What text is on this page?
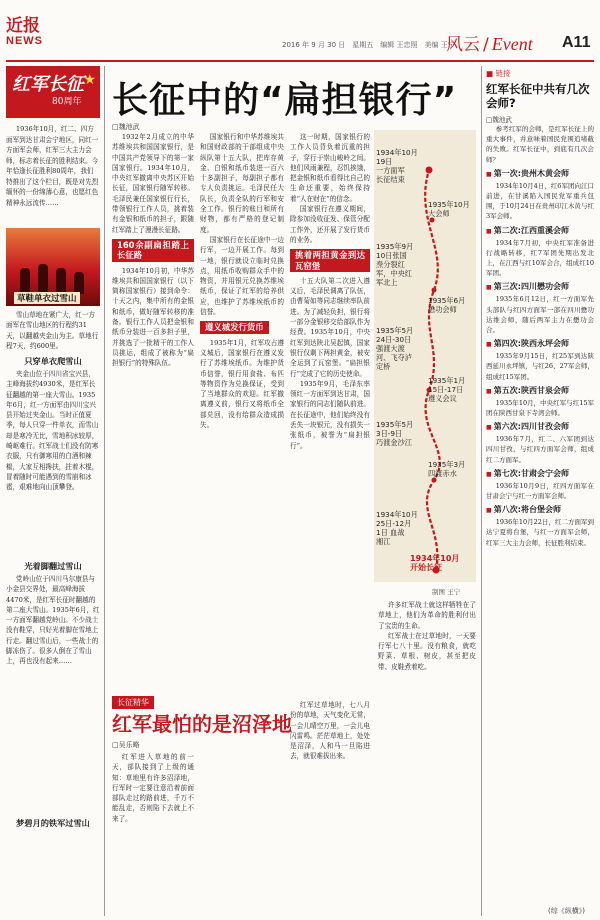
近报
NEWS	2016 年 9 月 30 日　星期五　编辑 王忠照　美编 王宁
风云 / Event A11
红军长征 ★
80周年
1936年10月，红二、四方面军到达甘肃会宁地区，同红一方面军会师，红军三大主力会师，标志着长征的胜利结束。今年恰逢长征胜利80周年，我们特推出了这个栏目，既是对先烈缅怀的一份绵薄心意，也愿红色精神永远流传……
草鞋单衣过雪山
雪山草地在紧广大，红一方面军在雪山地区的行程约31天，以翻越夹金山为主。草地行程7天，约600里。
只穿单衣爬雪山
夹金山位于四川省宝兴县，主峰海拔约4930米，是红军长征翻越的第一座大雪山。1935年6月，红一方面军由四川宝兴县开始过夹金山。当时正值夏季，每人只穿一件单衣，而雪山却是寒冷无比，雪地积冰较厚，崎岖难行。红军战士们没有防寒衣服，只有御寒用的白酒和辣椒，大家互相搀扶，拄着木棍，冒着随时可能遇到的雪崩和冰雹，艰难地向山顶攀登。
光着脚翻过雪山
党岭山位于四川马尔康县与小金县交界处，最高峰海拔4470米，是红军长征时翻越的第二座大雪山。1935年6月，红一方面军翻越党岭山。不少战士没有鞋穿，只好光着脚在雪地上行走。翻过雪山后，一些战士的脚冻伤了。很多人倒在了雪山上，再也没有起来……
梦碧月的铁军过雪山
长征中的“扁担银行”
□魏池武

1932年2月成立的中华苏维埃共和国国家银行，是中国共产党领导下的第一家国家银行。1934年10月，中央红军撤离中央苏区开始长征，国家银行随军转移。毛泽民兼任国家银行行长，带领银行工作人员，挑着装有金银和纸币的担子，跟随红军踏上了漫漫长征路。

160余副扁担踏上长征路

1934年10月初，中华苏维埃共和国国家银行（以下简称国家银行）接到命令：十天之内，集中所有的金银和纸币，做好随军转移的准备。银行工作人员把金银和纸币分装进一百多担子里，并挑选了一批精干的工作人员挑运，组成了被称为“扁担银行”的特殊队伍。

国家银行和中华苏维埃共和国财政部的干部组成中央纵队第十五大队，把库存黄金、白银和纸币装进一百六十多副担子，每副担子都有专人负责挑运。毛泽民任大队长，负责全队的行军和安全工作。银行的账目和所有财物，都有严格的登记制度。

国家银行在长征途中一边行军，一边开展工作。每到一地，银行就设立临时兑换点，用纸币收购群众手中的物资，并用银元兑换苏维埃纸币，保证了红军的给养供应，也维护了苏维埃纸币的信誉。

遵义城发行货币

1935年1月，红军攻占遵义城后，国家银行在遵义发行了苏维埃纸币。为维护货币信誉，银行用食盐、布匹等物资作为兑换保证，受到了当地群众的欢迎。红军撤离遵义前，银行又将纸币全部兑回，没有给群众造成损失。

这一时期，国家银行的工作人员背负着沉重的担子，穿行于崇山峻岭之间。他们风雨兼程，忍饥挨饿，把金银和纸币看得比自己的生命还重要，始终保持着“人在财在”的信念。

国家银行在遵义期间，除参加没收征发、保管分配工作外，还开展了发行货币的业务。

挑着两担黄金到达瓦窑堡

十五大队第二次进入遵义后，毛泽民调离了队伍，由曹菊如等同志继续率队前进。为了减轻负担，银行将一部分金银移交给部队作为经费。1935年10月，中央红军到达陕北吴起镇，国家银行仅剩下两担黄金，被安全运到了瓦窑堡。“扁担银行”完成了它的历史使命。

1935年9月，毛泽东率领红一方面军到达甘肃，国家银行的同志们随队前进。在长征途中，他们始终没有丢失一块银元，没有损失一张纸币，被誉为“扁担银行”。

1934年10月
19日
一方面军
长征结束
1935年10月
大会师
1935年9月
10日张国
焘分裂红
军，中央红
军北上
1935年6月
懋功会师
1935年5月
24日-30日
强渡大渡
河、飞夺泸
定桥
1935年1月
15日-17日
遵义会议
1935年5月
3日-9日
巧渡金沙江
1935年3月
四渡赤水
1934年10月
25日-12月
1日 血战
湘江
1934年10月
开始长征
制图 王宁
长征精华
红军最怕的是沼泽地
□吴乐略

红军进入草地的前一天，部队接到了上级的通知：草地里有许多沼泽地，行军时一定要注意沿着前面部队走过的路前进，千万不能乱走，否则陷下去就上不来了。

红军过草地时，七八月份的草地，天气变化无常，一会儿晴空万里，一会儿电闪雷鸣。茫茫草地上，处处是沼泽，人和马一旦陷进去，就很难拔出来。

许多红军战士就这样牺牲在了草地上，他们为革命的胜利付出了宝贵的生命。

红军战士在过草地时，一天要行军七八十里。没有粮食，就吃野菜、草根、树皮，甚至把皮带、皮鞋煮着吃。

■ 链接
红军长征中共有几次会师?
□魏池武
参考红军的会师，是红军长征上的重大事件，并意味着国民党围追堵截的失败。红军长征中，到底有几次会师？
■ 第一次:贵州木黄会师
1934年10月4日，红6军团向江口前进，在甘溪陷入国民党军重兵包围，于10月24日在贵州印江木黄与红3军会师。
■ 第二次:江西重溪会师
1934年7月初，中央红军准备进行战略转移，红7军团先期出发北上，在江西与红10军会合，组成红10军团。
■ 第三次:四川懋功会师
1935年6月12日，红一方面军先头部队与红四方面军一部在四川懋功达维会师，随后两军主力在懋功会合。
■ 第四次:陕西永坪会师
1935年9月15日，红25军到达陕西延川永坪镇，与红26、27军会师，组成红15军团。
■ 第五次:陕西甘泉会师
1935年10月，中央红军与红15军团在陕西甘泉下寺湾会师。
■ 第六次:四川甘孜会师
1936年7月，红二、六军团到达四川甘孜，与红四方面军会师，组成红二方面军。
■ 第七次:甘肃会宁会师
1936年10月9日，红四方面军在甘肃会宁与红一方面军会师。
■ 第八次:将台堡会师
1936年10月22日，红二方面军到达宁夏将台堡，与红一方面军会师，红军三大主力会师，长征胜利结束。
(综《纵横》)
